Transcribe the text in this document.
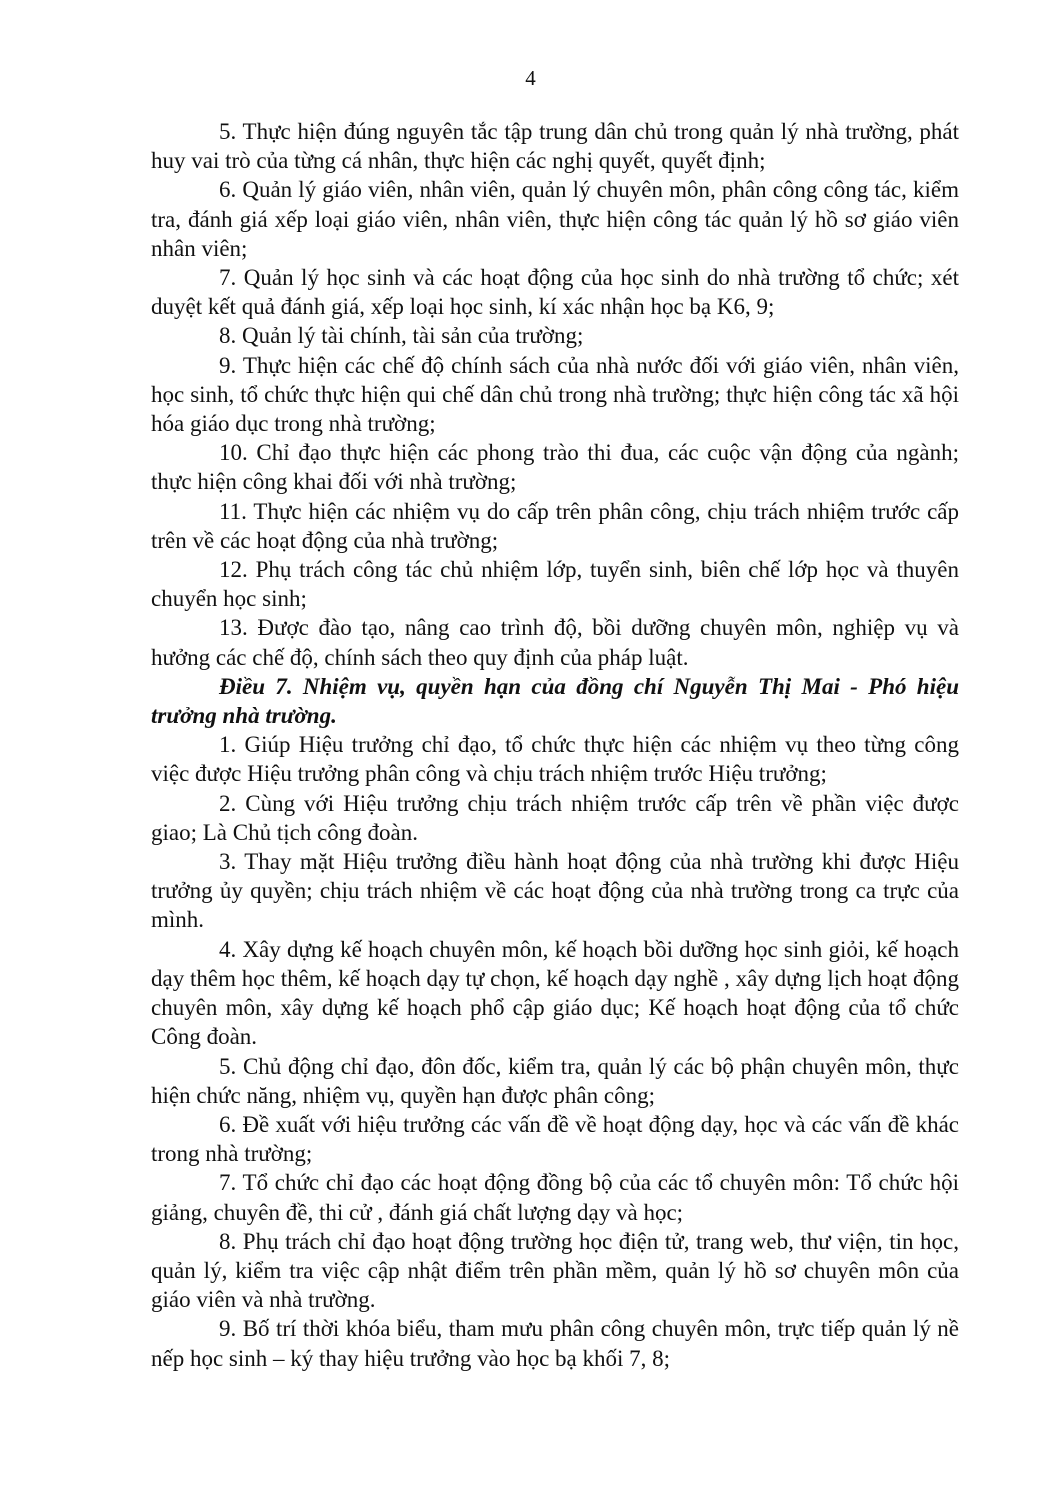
4

5. Thực hiện đúng nguyên tắc tập trung dân chủ trong quản lý nhà trường, phát huy vai trò của từng cá nhân, thực hiện các nghị quyết, quyết định;

6. Quản lý giáo viên, nhân viên, quản lý chuyên môn, phân công công tác, kiểm tra, đánh giá xếp loại giáo viên, nhân viên, thực hiện công tác quản lý hồ sơ giáo viên nhân viên;

7. Quản lý học sinh và các hoạt động của học sinh do nhà trường tổ chức; xét duyệt kết quả đánh giá, xếp loại học sinh, kí xác nhận học bạ K6, 9;

8. Quản lý tài chính, tài sản của trường;

9. Thực hiện các chế độ chính sách của nhà nước đối với giáo viên, nhân viên, học sinh, tổ chức thực hiện qui chế dân chủ trong nhà trường; thực hiện công tác xã hội hóa giáo dục trong nhà trường;

10. Chỉ đạo thực hiện các phong trào thi đua, các cuộc vận động của ngành; thực hiện công khai đối với nhà trường;

11. Thực hiện các nhiệm vụ do cấp trên phân công, chịu trách nhiệm trước cấp trên về các hoạt động của nhà trường;

12. Phụ trách công tác chủ nhiệm lớp, tuyển sinh, biên chế lớp học và thuyên chuyển học sinh;

13. Được đào tạo, nâng cao trình độ, bồi dưỡng chuyên môn, nghiệp vụ và hưởng các chế độ, chính sách theo quy định của pháp luật.

Điều 7. Nhiệm vụ, quyền hạn của đồng chí Nguyễn Thị Mai - Phó hiệu trưởng nhà trường.

1. Giúp Hiệu trưởng chỉ đạo, tổ chức thực hiện các nhiệm vụ theo từng công việc được Hiệu trưởng phân công và chịu trách nhiệm trước Hiệu trưởng;

2. Cùng với Hiệu trưởng chịu trách nhiệm trước cấp trên về phần việc được giao; Là Chủ tịch công đoàn.

3. Thay mặt Hiệu trưởng điều hành hoạt động của nhà trường khi được Hiệu trưởng ủy quyền; chịu trách nhiệm về các hoạt động của nhà trường trong ca trực của mình.

4. Xây dựng kế hoạch chuyên môn, kế hoạch bồi dưỡng học sinh giỏi, kế hoạch dạy thêm học thêm, kế hoạch dạy tự chọn, kế hoạch dạy nghề , xây dựng lịch hoạt động chuyên môn, xây dựng kế hoạch phổ cập giáo dục; Kế hoạch hoạt động của tổ chức Công đoàn.

5. Chủ động chỉ đạo, đôn đốc, kiểm tra, quản lý các bộ phận chuyên môn, thực hiện chức năng, nhiệm vụ, quyền hạn được phân công;

6. Đề xuất với hiệu trưởng các vấn đề về hoạt động dạy, học và các vấn đề khác trong nhà trường;

7. Tổ chức chỉ đạo các hoạt động đồng bộ của các tổ chuyên môn: Tổ chức hội giảng, chuyên đề, thi cử , đánh giá chất lượng dạy và học;

8. Phụ trách chỉ đạo hoạt động trường học điện tử, trang web, thư viện, tin học, quản lý, kiểm tra việc cập nhật điểm trên phần mềm, quản lý hồ sơ chuyên môn của giáo viên và nhà trường.

9. Bố trí thời khóa biểu, tham mưu phân công chuyên môn, trực tiếp quản lý nề nếp học sinh – ký thay hiệu trưởng vào học bạ khối 7, 8;
